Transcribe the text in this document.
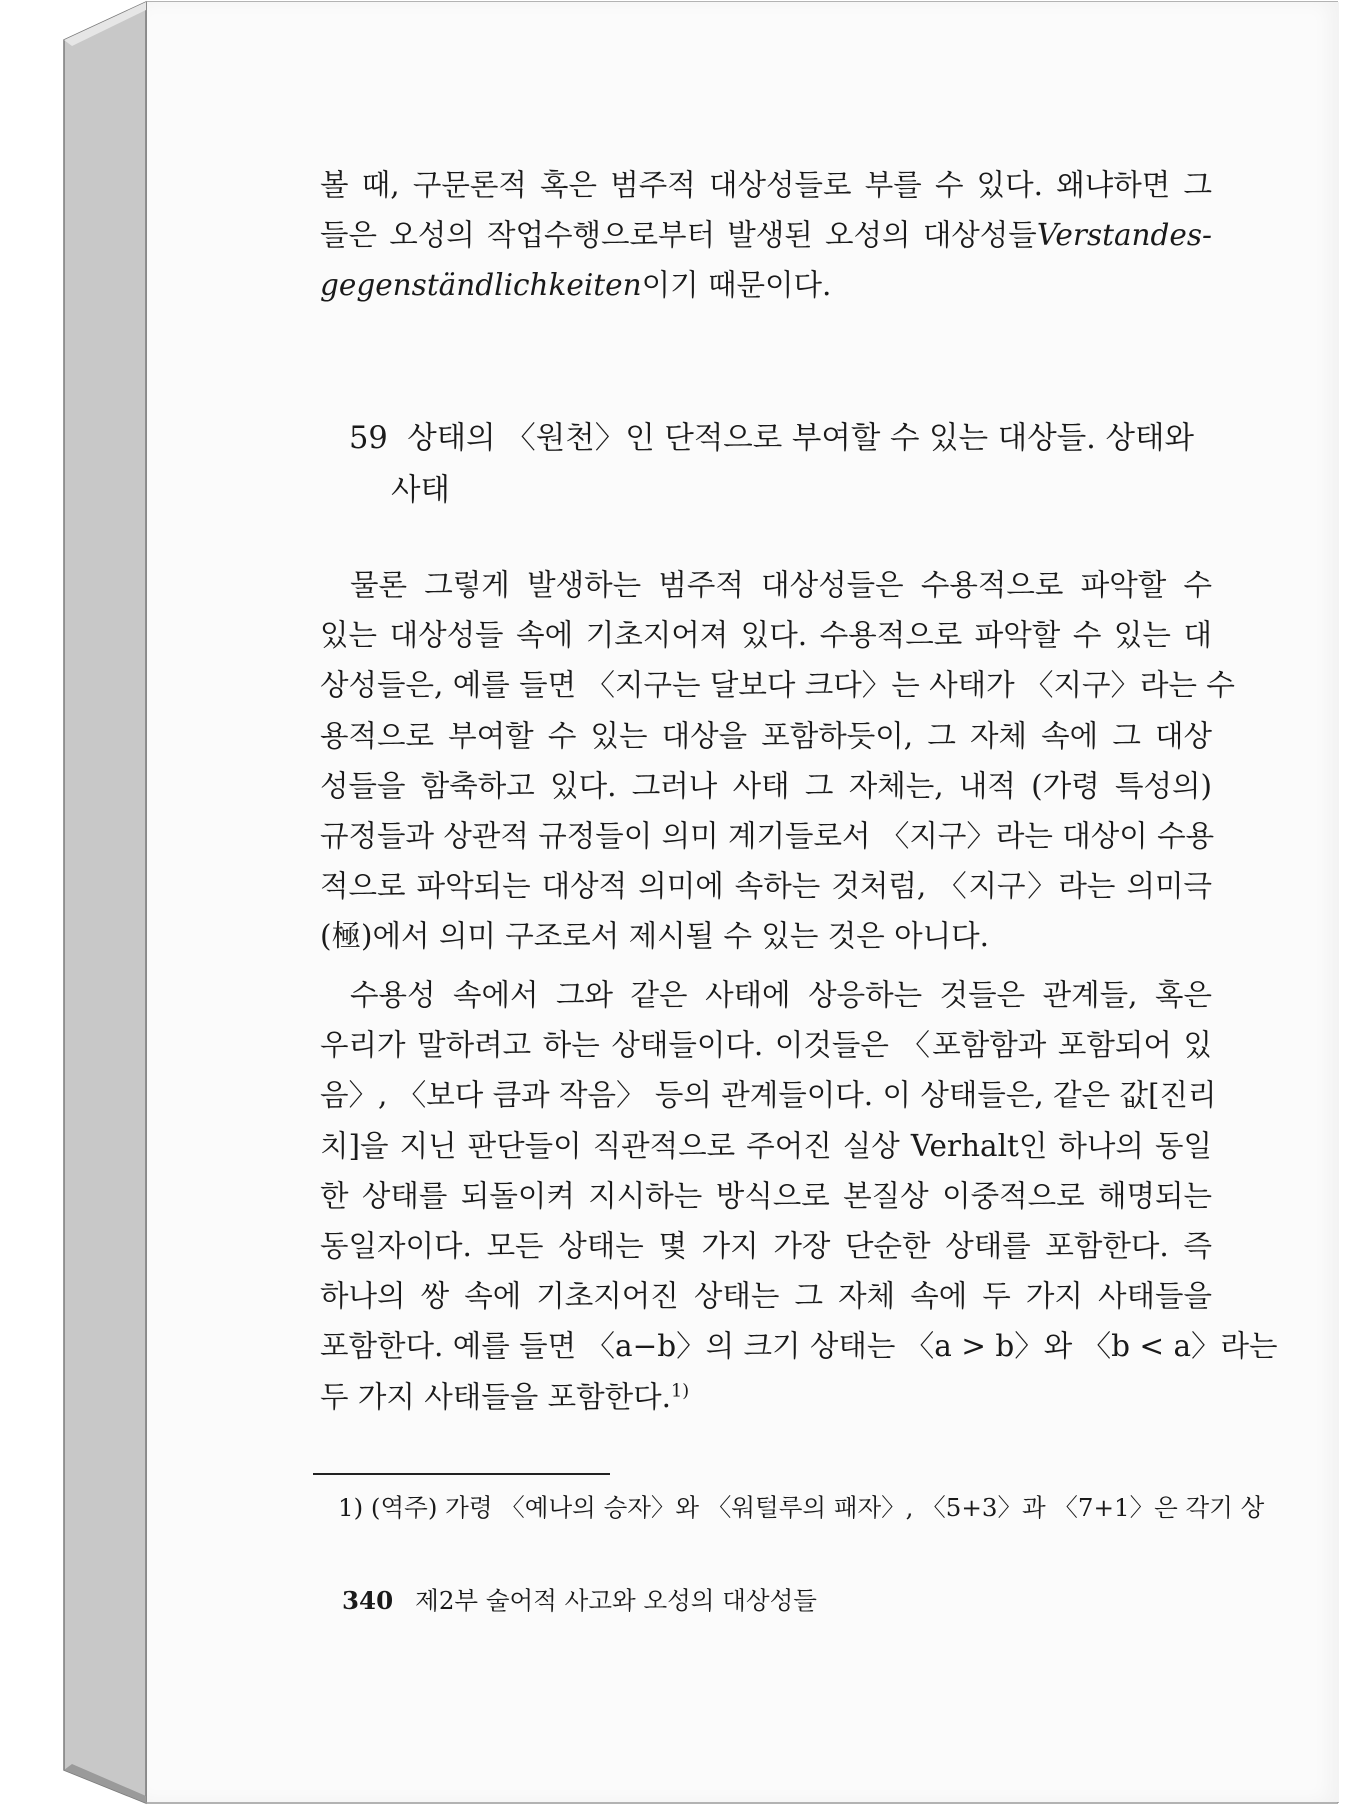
볼 때, 구문론적 혹은 범주적 대상성들로 부를 수 있다. 왜냐하면 그
들은 오성의 작업수행으로부터 발생된 오성의 대상성들Verstandes-
gegenständlichkeiten이기 때문이다.
59 상태의 〈원천〉인 단적으로 부여할 수 있는 대상들. 상태와
사태
물론 그렇게 발생하는 범주적 대상성들은 수용적으로 파악할 수
있는 대상성들 속에 기초지어져 있다. 수용적으로 파악할 수 있는 대
상성들은, 예를 들면 〈지구는 달보다 크다〉는 사태가 〈지구〉라는 수
용적으로 부여할 수 있는 대상을 포함하듯이, 그 자체 속에 그 대상
성들을 함축하고 있다. 그러나 사태 그 자체는, 내적 (가령 특성의)
규정들과 상관적 규정들이 의미 계기들로서 〈지구〉라는 대상이 수용
적으로 파악되는 대상적 의미에 속하는 것처럼, 〈지구〉라는 의미극
(極)에서 의미 구조로서 제시될 수 있는 것은 아니다.
수용성 속에서 그와 같은 사태에 상응하는 것들은 관계들, 혹은
우리가 말하려고 하는 상태들이다. 이것들은 〈포함함과 포함되어 있
음〉, 〈보다 큼과 작음〉 등의 관계들이다. 이 상태들은, 같은 값[진리
치]을 지닌 판단들이 직관적으로 주어진 실상 Verhalt인 하나의 동일
한 상태를 되돌이켜 지시하는 방식으로 본질상 이중적으로 해명되는
동일자이다. 모든 상태는 몇 가지 가장 단순한 상태를 포함한다. 즉
하나의 쌍 속에 기초지어진 상태는 그 자체 속에 두 가지 사태들을
포함한다. 예를 들면 〈a−b〉의 크기 상태는 〈a > b〉와 〈b < a〉라는
두 가지 사태들을 포함한다.$^{1)}$
1) (역주) 가령 〈예나의 승자〉와 〈워털루의 패자〉, 〈5+3〉과 〈7+1〉은 각기 상
340 제2부 술어적 사고와 오성의 대상성들
